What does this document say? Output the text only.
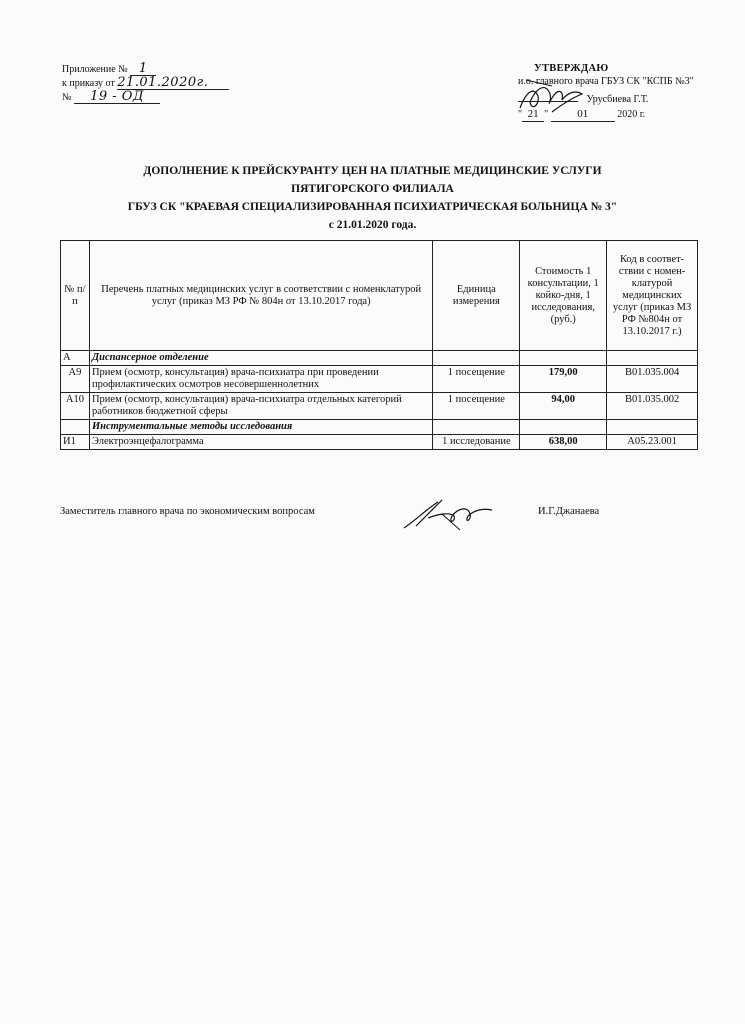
Приложение № 1
к приказу от 21.01.2020г.
№ 19 - ОД
УТВЕРЖДАЮ
и.о. главного врача ГБУЗ СК "КСПБ №3"
Урусбиева Г.Т.
" 21 "	01	2020 г.
ДОПОЛНЕНИЕ К ПРЕЙСКУРАНТУ ЦЕН НА ПЛАТНЫЕ МЕДИЦИНСКИЕ УСЛУГИ
ПЯТИГОРСКОГО ФИЛИАЛА
ГБУЗ СК "КРАЕВАЯ СПЕЦИАЛИЗИРОВАННАЯ ПСИХИАТРИЧЕСКАЯ БОЛЬНИЦА № 3"
с 21.01.2020 года.
№ п/п	Перечень платных медицинских услуг в соответствии с номенклатурой услуг (приказ МЗ РФ № 804н от 13.10.2017 года)	Единица измерения	Стоимость 1 консультации, 1 койко-дня, 1 исследования, (руб.)	Код в соответ-ствии с номен-клатурой медицинских услуг (приказ МЗ РФ №804н от 13.10.2017 г.)
А	Диспансерное отделение			
А9	Прием (осмотр, консультация) врача-психиатра при проведении профилактических осмотров несовершеннолетних	1 посещение	179,00	В01.035.004
А10	Прием (осмотр, консультация) врача-психиатра отдельных категорий работников бюджетной сферы	1 посещение	94,00	В01.035.002
	Инструментальные методы исследования			
И1	Электроэнцефалограмма	1 исследование	638,00	А05.23.001
Заместитель главного врача по экономическим вопросам	И.Г.Джанаева
